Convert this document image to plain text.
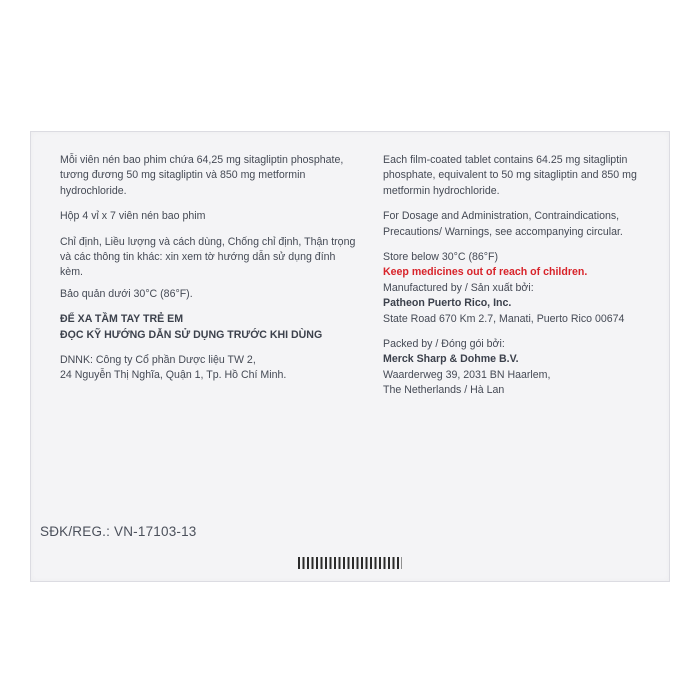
Mỗi viên nén bao phim chứa 64,25 mg sitagliptin phosphate,
tương đương 50 mg sitagliptin và 850 mg metformin
hydrochloride.

Hộp 4 vỉ x 7 viên nén bao phim

Chỉ định, Liều lượng và cách dùng, Chống chỉ định, Thận trọng
và các thông tin khác: xin xem tờ hướng dẫn sử dụng đính kèm.

Bảo quản dưới 30°C (86°F).

ĐỂ XA TẦM TAY TRẺ EM

ĐỌC KỸ HƯỚNG DẪN SỬ DỤNG TRƯỚC KHI DÙNG

DNNK: Công ty Cổ phần Dược liệu TW 2,
24 Nguyễn Thị Nghĩa, Quận 1, Tp. Hồ Chí Minh.

Each film-coated tablet contains 64.25 mg sitagliptin
phosphate, equivalent to 50 mg sitagliptin and 850 mg
metformin hydrochloride.

For Dosage and Administration, Contraindications,
Precautions/ Warnings, see accompanying circular.

Store below 30°C (86°F)

Keep medicines out of reach of children.

Manufactured by / Sản xuất bởi:

Patheon Puerto Rico, Inc.

State Road 670 Km 2.7, Manati, Puerto Rico 00674

Packed by / Đóng gói bởi:

Merck Sharp & Dohme B.V.

Waarderweg 39, 2031 BN Haarlem,
The Netherlands / Hà Lan

SĐK/REG.: VN-17103-13
